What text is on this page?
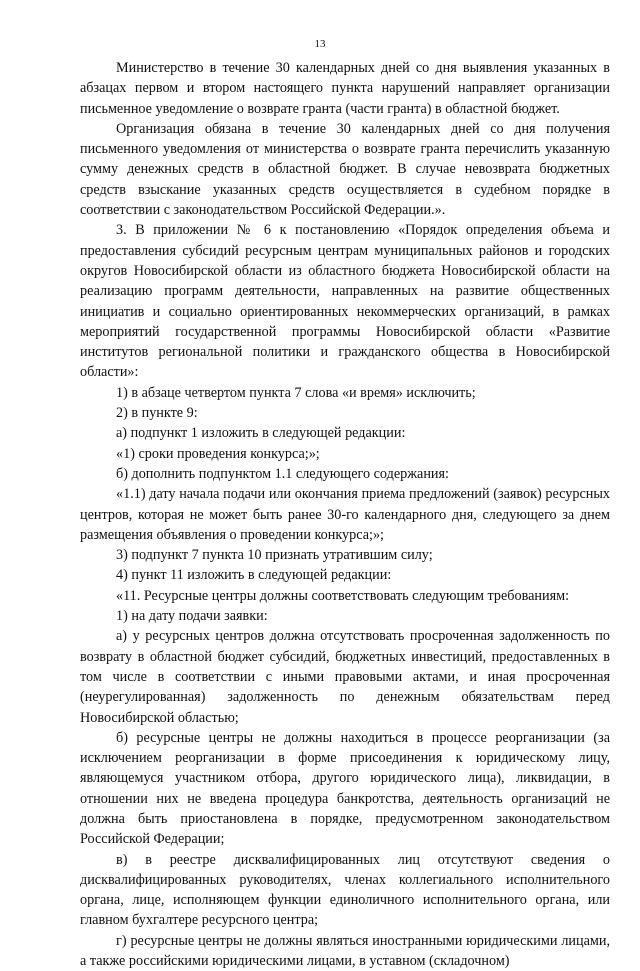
13

Министерство в течение 30 календарных дней со дня выявления указанных в абзацах первом и втором настоящего пункта нарушений направляет организации письменное уведомление о возврате гранта (части гранта) в областной бюджет.

Организация обязана в течение 30 календарных дней со дня получения письменного уведомления от министерства о возврате гранта перечислить указанную сумму денежных средств в областной бюджет. В случае невозврата бюджетных средств взыскание указанных средств осуществляется в судебном порядке в соответствии с законодательством Российской Федерации.».

3. В приложении № 6 к постановлению «Порядок определения объема и предоставления субсидий ресурсным центрам муниципальных районов и городских округов Новосибирской области из областного бюджета Новосибирской области на реализацию программ деятельности, направленных на развитие общественных инициатив и социально ориентированных некоммерческих организаций, в рамках мероприятий государственной программы Новосибирской области «Развитие институтов региональной политики и гражданского общества в Новосибирской области»:

1) в абзаце четвертом пункта 7 слова «и время» исключить;

2) в пункте 9:

а) подпункт 1 изложить в следующей редакции:

«1) сроки проведения конкурса;»;

б) дополнить подпунктом 1.1 следующего содержания:

«1.1) дату начала подачи или окончания приема предложений (заявок) ресурсных центров, которая не может быть ранее 30-го календарного дня, следующего за днем размещения объявления о проведении конкурса;»;

3) подпункт 7 пункта 10 признать утратившим силу;

4) пункт 11 изложить в следующей редакции:

«11. Ресурсные центры должны соответствовать следующим требованиям:

1) на дату подачи заявки:

а) у ресурсных центров должна отсутствовать просроченная задолженность по возврату в областной бюджет субсидий, бюджетных инвестиций, предоставленных в том числе в соответствии с иными правовыми актами, и иная просроченная (неурегулированная) задолженность по денежным обязательствам перед Новосибирской областью;

б) ресурсные центры не должны находиться в процессе реорганизации (за исключением реорганизации в форме присоединения к юридическому лицу, являющемуся участником отбора, другого юридического лица), ликвидации, в отношении них не введена процедура банкротства, деятельность организаций не должна быть приостановлена в порядке, предусмотренном законодательством Российской Федерации;

в) в реестре дисквалифицированных лиц отсутствуют сведения о дисквалифицированных руководителях, членах коллегиального исполнительного органа, лице, исполняющем функции единоличного исполнительного органа, или главном бухгалтере ресурсного центра;

г) ресурсные центры не должны являться иностранными юридическими лицами, а также российскими юридическими лицами, в уставном (складочном)
